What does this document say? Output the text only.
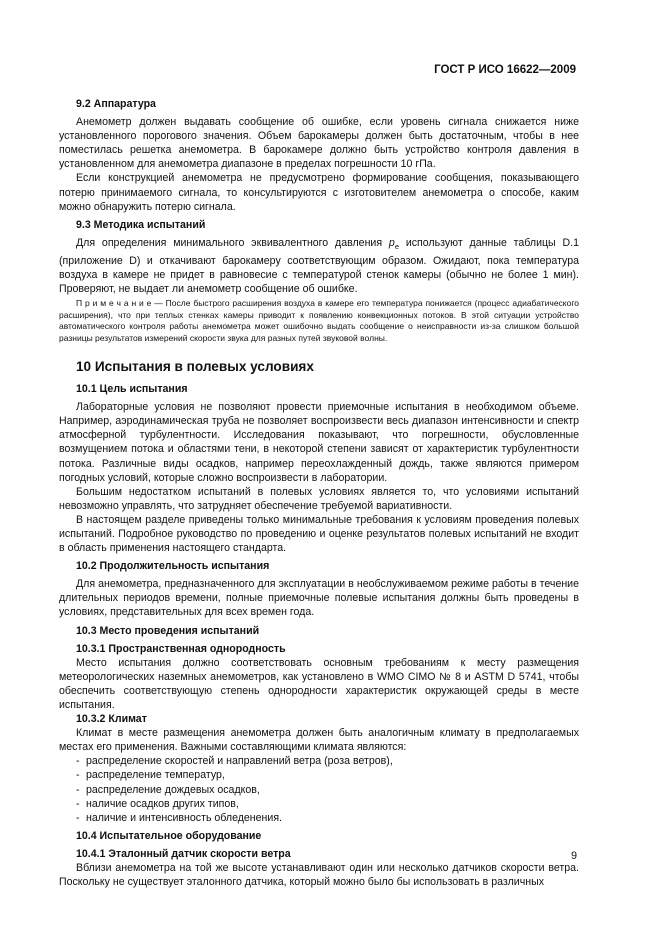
ГОСТ Р ИСО 16622—2009
9.2 Аппаратура

Анемометр должен выдавать сообщение об ошибке, если уровень сигнала снижается ниже установленного порогового значения. Объем барокамеры должен быть достаточным, чтобы в нее поместилась решетка анемометра. В барокамере должно быть устройство контроля давления в установленном для анемометра диапазоне в пределах погрешности 10 гПа.

Если конструкцией анемометра не предусмотрено формирование сообщения, показывающего потерю принимаемого сигнала, то консультируются с изготовителем анемометра о способе, каким можно обнаружить потерю сигнала.

9.3 Методика испытаний

Для определения минимального эквивалентного давления $p_e$ используют данные таблицы D.1 (приложение D) и откачивают барокамеру соответствующим образом. Ожидают, пока температура воздуха в камере не придет в равновесие с температурой стенок камеры (обычно не более 1 мин). Проверяют, не выдает ли анемометр сообщение об ошибке.

П р и м е ч а н и е — После быстрого расширения воздуха в камере его температура понижается (процесс адиабатического расширения), что при теплых стенках камеры приводит к появлению конвекционных потоков. В этой ситуации устройство автоматического контроля работы анемометра может ошибочно выдать сообщение о неисправности из-за слишком большой разницы результатов измерений скорости звука для разных путей звуковой волны.
10 Испытания в полевых условиях
10.1 Цель испытания

Лабораторные условия не позволяют провести приемочные испытания в необходимом объеме. Например, аэродинамическая труба не позволяет воспроизвести весь диапазон интенсивности и спектр атмосферной турбулентности. Исследования показывают, что погрешности, обусловленные возмущением потока и областями тени, в некоторой степени зависят от характеристик турбулентности потока. Различные виды осадков, например переохлажденный дождь, также являются примером погодных условий, которые сложно воспроизвести в лаборатории.

Большим недостатком испытаний в полевых условиях является то, что условиями испытаний невозможно управлять, что затрудняет обеспечение требуемой вариативности.

В настоящем разделе приведены только минимальные требования к условиям проведения полевых испытаний. Подробное руководство по проведению и оценке результатов полевых испытаний не входит в область применения настоящего стандарта.

10.2 Продолжительность испытания

Для анемометра, предназначенного для эксплуатации в необслуживаемом режиме работы в течение длительных периодов времени, полные приемочные полевые испытания должны быть проведены в условиях, представительных для всех времен года.

10.3 Место проведения испытаний
10.3.1 Пространственная однородность

Место испытания должно соответствовать основным требованиям к месту размещения метеорологических наземных анемометров, как установлено в WMO CIMO № 8 и ASTM D 5741, чтобы обеспечить соответствующую степень однородности характеристик окружающей среды в месте испытания.

10.3.2 Климат

Климат в месте размещения анемометра должен быть аналогичным климату в предполагаемых местах его применения. Важными составляющими климата являются:

- распределение скоростей и направлений ветра (роза ветров),
- распределение температур,
- распределение дождевых осадков,
- наличие осадков других типов,
- наличие и интенсивность обледенения.
10.4 Испытательное оборудование
10.4.1 Эталонный датчик скорости ветра

Вблизи анемометра на той же высоте устанавливают один или несколько датчиков скорости ветра. Поскольку не существует эталонного датчика, который можно было бы использовать в различных

9
